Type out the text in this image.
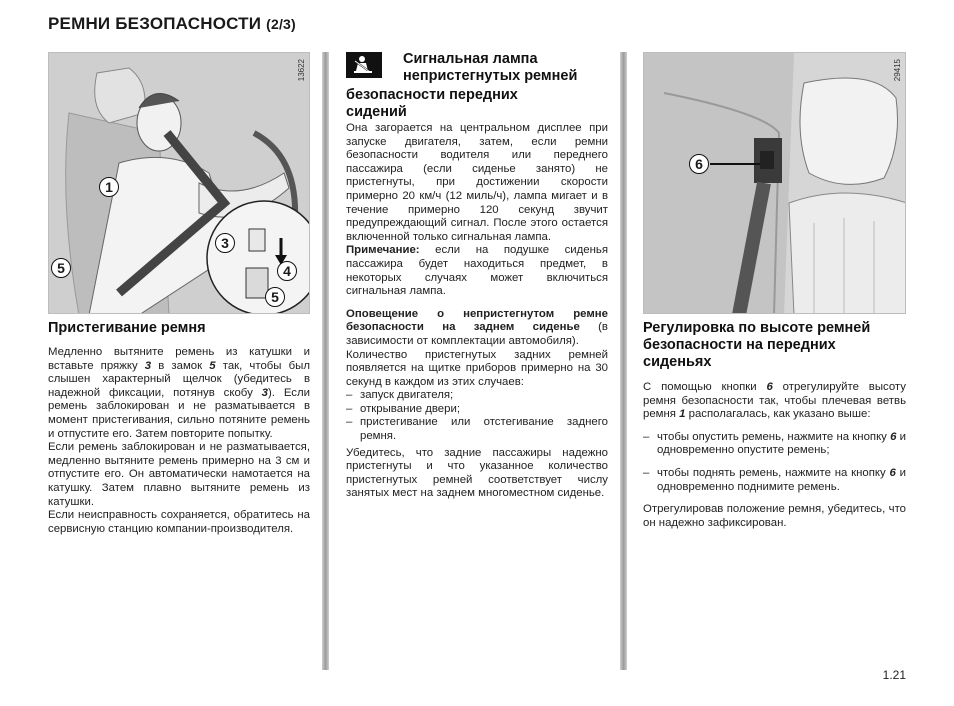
РЕМНИ БЕЗОПАСНОСТИ (2/3)
13622
1
3
4
5
5
Пристегивание ремня

Медленно вытяните ремень из катушки и вставьте пряжку 3 в замок 5 так, чтобы был слышен характерный щелчок (убедитесь в надежной фиксации, потянув скобу 3). Если ремень заблокирован и не разматывается в момент пристегивания, сильно потяните ремень и отпустите его. Затем повторите попытку.

Если ремень заблокирован и не разматывается, медленно вытяните ремень примерно на 3 см и отпустите его. Он автоматически намотается на катушку. Затем плавно вытяните ремень из катушки.

Если неисправность сохраняется, обратитесь на сервисную станцию компании-производителя.

Сигнальная лампа непристегнутых ремней
безопасности передних сидений

Она загорается на центральном дисплее при запуске двигателя, затем, если ремни безопасности водителя или переднего пассажира (если сиденье занято) не пристегнуты, при достижении скорости примерно 20 км/ч (12 миль/ч), лампа мигает и в течение примерно 120 секунд звучит предупреждающий сигнал. После этого остается включенной только сигнальная лампа.

Примечание: если на подушке сиденья пассажира будет находиться предмет, в некоторых случаях может включиться сигнальная лампа.

Оповещение о непристегнутом ремне безопасности на заднем сиденье (в зависимости от комплектации автомобиля).

Количество пристегнутых задних ремней появляется на щитке приборов примерно на 30 секунд в каждом из этих случаев:

– запуск двигателя;
– открывание двери;
– пристегивание или отстегивание заднего ремня.

Убедитесь, что задние пассажиры надежно пристегнуты и что указанное количество пристегнутых ремней соответствует числу занятых мест на заднем многоместном сиденье.

29415
6
Регулировка по высоте ремней безопасности на передних сиденьях

С помощью кнопки 6 отрегулируйте высоту ремня безопасности так, чтобы плечевая ветвь ремня 1 располагалась, как указано выше:

– чтобы опустить ремень, нажмите на кнопку 6 и одновременно опустите ремень;
– чтобы поднять ремень, нажмите на кнопку 6 и одновременно поднимите ремень.

Отрегулировав положение ремня, убедитесь, что он надежно зафиксирован.

1.21
